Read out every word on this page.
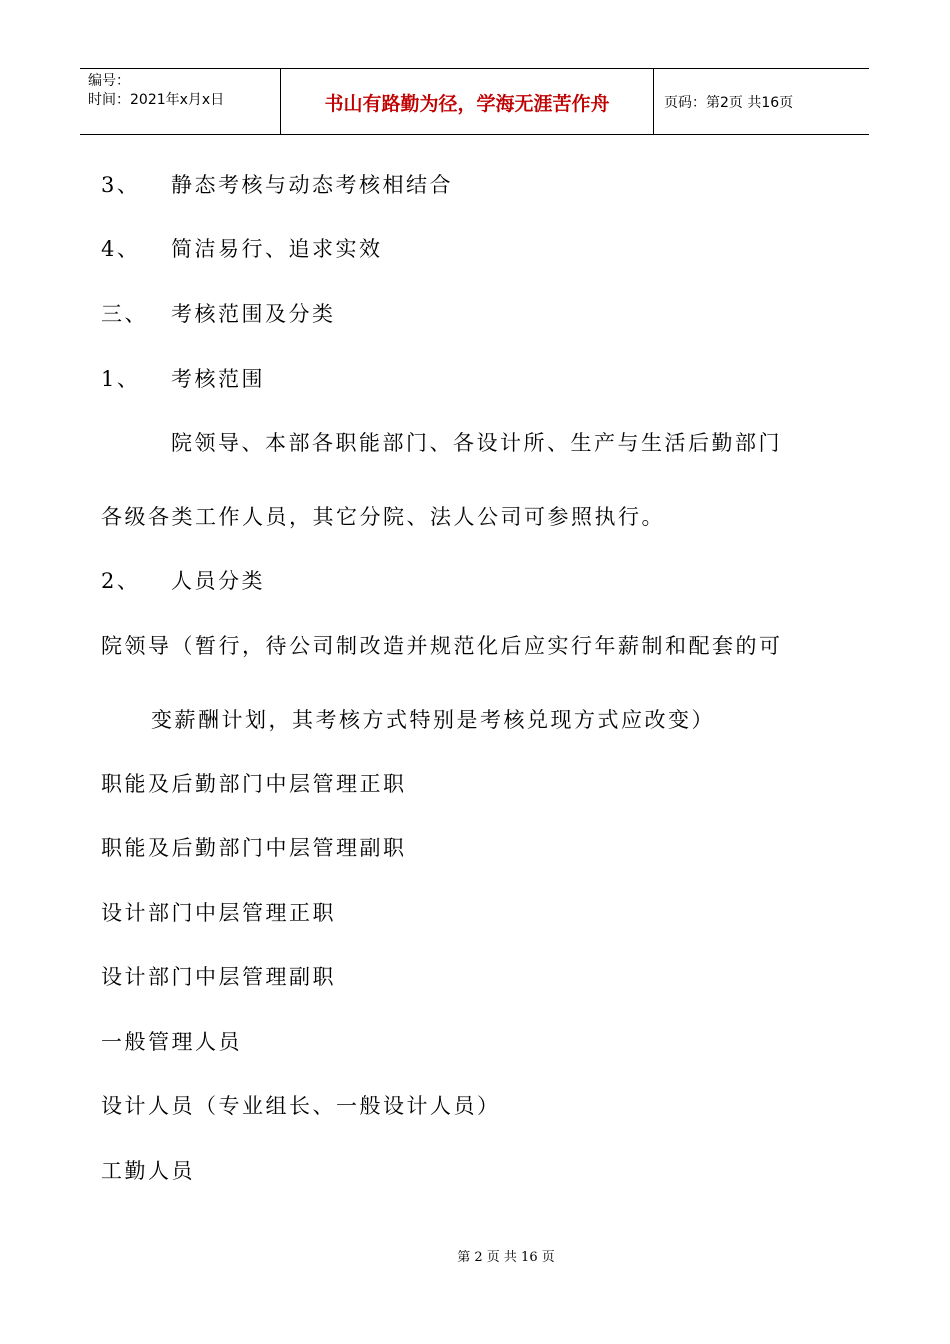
编号：
时间：2021年x月x日	书山有路勤为径，学海无涯苦作舟	页码：第2页 共16页
3、 静态考核与动态考核相结合
4、 简洁易行、追求实效
三、 考核范围及分类
1、 考核范围
院领导、本部各职能部门、各设计所、生产与生活后勤部门
各级各类工作人员，其它分院、法人公司可参照执行。
2、 人员分类
院领导（暂行，待公司制改造并规范化后应实行年薪制和配套的可
变薪酬计划，其考核方式特别是考核兑现方式应改变）
职能及后勤部门中层管理正职
职能及后勤部门中层管理副职
设计部门中层管理正职
设计部门中层管理副职
一般管理人员
设计人员（专业组长、一般设计人员）
工勤人员
第 2 页 共 16 页
